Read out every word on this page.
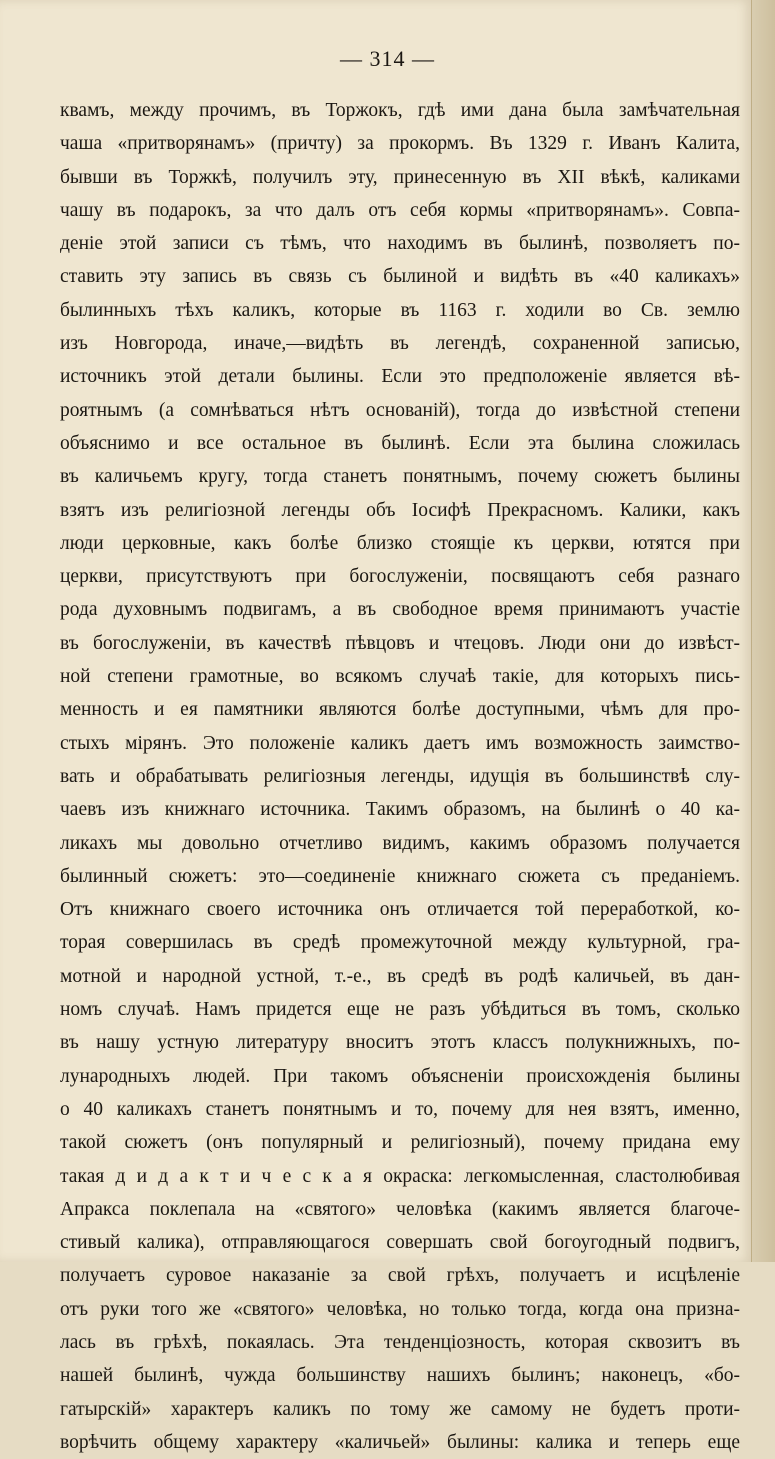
— 314 —
квамъ, между прочимъ, въ Торжокъ, гдѣ ими дана была замѣчательная
чаша «притворянамъ» (причту) за прокормъ. Въ 1329 г. Иванъ Калита,
бывши въ Торжкѣ, получилъ эту, принесенную въ XII вѣкѣ, каликами
чашу въ подарокъ, за что далъ отъ себя кормы «притворянамъ». Совпа-
деніе этой записи съ тѣмъ, что находимъ въ былинѣ, позволяетъ по-
ставить эту запись въ связь съ былиной и видѣть въ «40 каликахъ»
былинныхъ тѣхъ каликъ, которые въ 1163 г. ходили во Св. землю
изъ Новгорода, иначе,—видѣть въ легендѣ, сохраненной записью,
источникъ этой детали былины. Если это предположеніе является вѣ-
роятнымъ (а сомнѣваться нѣтъ основаній), тогда до извѣстной степени
объяснимо и все остальное въ былинѣ. Если эта былина сложилась
въ каличьемъ кругу, тогда станетъ понятнымъ, почему сюжетъ былины
взятъ изъ религіозной легенды объ Іосифѣ Прекрасномъ. Калики, какъ
люди церковные, какъ болѣе близко стоящіе къ церкви, ютятся при
церкви, присутствуютъ при богослуженіи, посвящаютъ себя разнаго
рода духовнымъ подвигамъ, а въ свободное время принимаютъ участіе
въ богослуженіи, въ качествѣ пѣвцовъ и чтецовъ. Люди они до извѣст-
ной степени грамотные, во всякомъ случаѣ такіе, для которыхъ пись-
менность и ея памятники являются болѣе доступными, чѣмъ для про-
стыхъ мірянъ. Это положеніе каликъ даетъ имъ возможность заимство-
вать и обрабатывать религіозныя легенды, идущія въ большинствѣ слу-
чаевъ изъ книжнаго источника. Такимъ образомъ, на былинѣ о 40 ка-
ликахъ мы довольно отчетливо видимъ, какимъ образомъ получается
былинный сюжетъ: это—соединеніе книжнаго сюжета съ преданіемъ.
Отъ книжнаго своего источника онъ отличается той переработкой, ко-
торая совершилась въ средѣ промежуточной между культурной, гра-
мотной и народной устной, т.-е., въ средѣ въ родѣ каличьей, въ дан-
номъ случаѣ. Намъ придется еще не разъ убѣдиться въ томъ, сколько
въ нашу устную литературу вноситъ этотъ классъ полукнижныхъ, по-
лународныхъ людей. При такомъ объясненіи происхожденія былины
о 40 каликахъ станетъ понятнымъ и то, почему для нея взятъ, именно,
такой сюжетъ (онъ популярный и религіозный), почему придана ему
такая д и д а к т и ч е с к а я окраска: легкомысленная, сластолюбивая
Апракса поклепала на «святого» человѣка (какимъ является благоче-
стивый калика), отправляющагося совершать свой богоугодный подвигъ,
получаетъ суровое наказаніе за свой грѣхъ, получаетъ и исцѣленіе
отъ руки того же «святого» человѣка, но только тогда, когда она призна-
лась въ грѣхѣ, покаялась. Эта тенденціозность, которая сквозитъ въ
нашей былинѣ, чужда большинству нашихъ былинъ; наконецъ, «бо-
гатырскій» характеръ каликъ по тому же самому не будетъ проти-
ворѣчить общему характеру «каличьей» былины: калика и теперь еще
